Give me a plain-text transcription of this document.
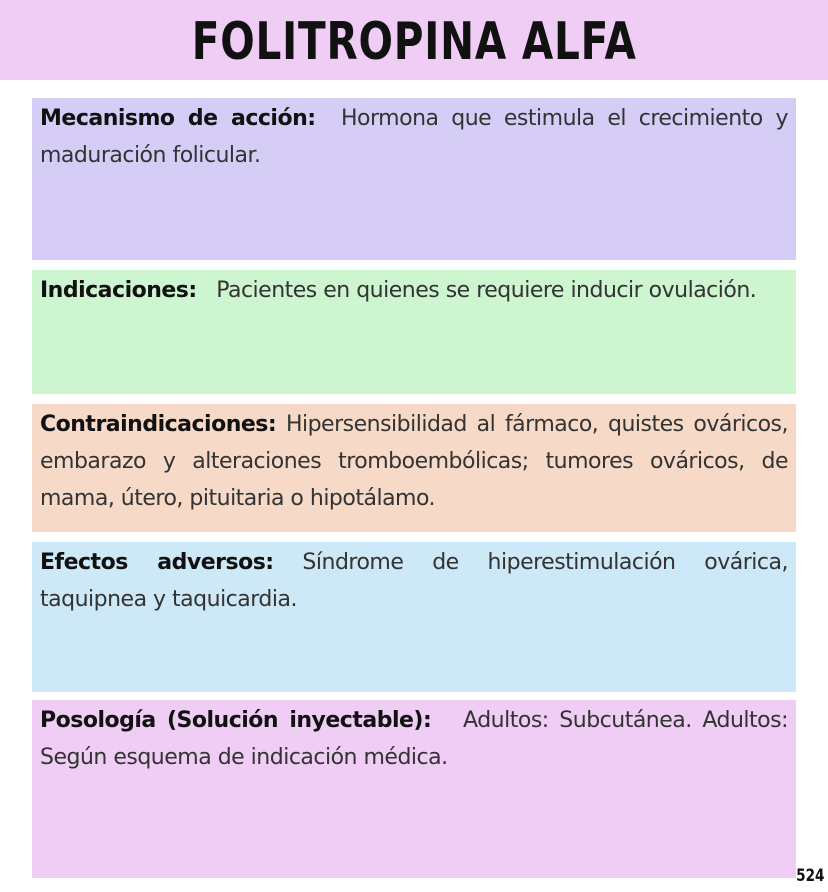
FOLITROPINA ALFA
Mecanismo de acción: Hormona que estimula el crecimiento y maduración folicular.
Indicaciones: Pacientes en quienes se requiere inducir ovulación.
Contraindicaciones: Hipersensibilidad al fármaco, quistes ováricos, embarazo y alteraciones tromboembólicas; tumores ováricos, de mama, útero, pituitaria o hipotálamo.
Efectos adversos: Síndrome de hiperestimulación ovárica, taquipnea y taquicardia.
Posología (Solución inyectable): Adultos: Subcutánea. Adultos: Según esquema de indicación médica.
524
